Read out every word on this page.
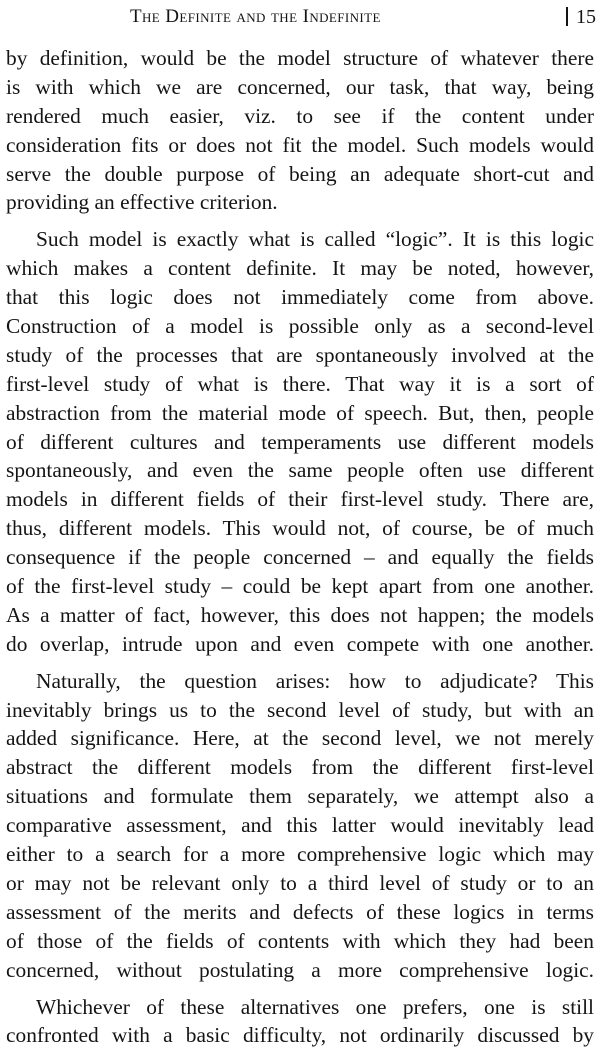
The Definite and the Indefinite	15
by definition, would be the model structure of whatever there
is with which we are concerned, our task, that way, being
rendered much easier, viz. to see if the content under
consideration fits or does not fit the model. Such models would
serve the double purpose of being an adequate short-cut and
providing an effective criterion.
Such model is exactly what is called “logic”. It is this logic
which makes a content definite. It may be noted, however,
that this logic does not immediately come from above.
Construction of a model is possible only as a second-level
study of the processes that are spontaneously involved at the
first-level study of what is there. That way it is a sort of
abstraction from the material mode of speech. But, then, people
of different cultures and temperaments use different models
spontaneously, and even the same people often use different
models in different fields of their first-level study. There are,
thus, different models. This would not, of course, be of much
consequence if the people concerned – and equally the fields
of the first-level study – could be kept apart from one another.
As a matter of fact, however, this does not happen; the models
do overlap, intrude upon and even compete with one another.
Naturally, the question arises: how to adjudicate? This
inevitably brings us to the second level of study, but with an
added significance. Here, at the second level, we not merely
abstract the different models from the different first-level
situations and formulate them separately, we attempt also a
comparative assessment, and this latter would inevitably lead
either to a search for a more comprehensive logic which may
or may not be relevant only to a third level of study or to an
assessment of the merits and defects of these logics in terms
of those of the fields of contents with which they had been
concerned, without postulating a more comprehensive logic.
Whichever of these alternatives one prefers, one is still
confronted with a basic difficulty, not ordinarily discussed by
